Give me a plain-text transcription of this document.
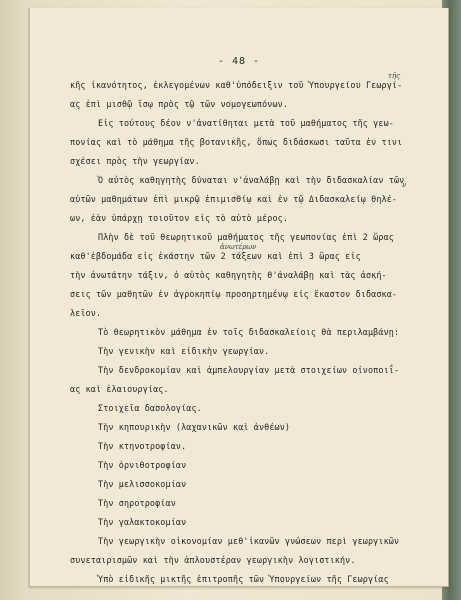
- 48 -
κῆς ἱκανότητος, ἐκλεγομένων καθ'ὑπόδειξιν τοῦ Ὑπουργείου Γεωργί-
ας ἐπὶ μισθῷ ἴσῳ πρὸς τῷ τῶν νομογεωπόνων.
Εἰς τούτους δέον ν'ἀνατίθηται μετὰ τοῦ μαθήματος τῆς γεω-
πονίας καὶ τὸ μάθημα τῆς βοτανικῆς, ὅπως διδάσκωσι ταῦτα ἐν τινι
σχέσει πρὸς τὴν γεωργίαν.
Ὁ αὐτὸς καθηγητὴς δύναται ν'ἀναλάβῃ καὶ τὴν διδασκαλίαν τῶν
αὐτῶν μαθημάτων ἐπὶ μικρῷ ἐπιμισθίῳ καὶ ἐν τῷ Διδασκαλείῳ θηλέ-
ων, ἐὰν ὑπάρχῃ τοιοῦτον εἰς τὸ αὐτὸ μέρος.
Πλὴν δὲ τοῦ θεωρητικοῦ μαθήματος τῆς γεωπονίας ἐπὶ 2 ὥρας
καθ'ἑβδομάδα εἰς ἑκάστην τῶν 2 τάξεων καὶ ἐπὶ 3 ὥρας εἰς
τὴν ἀνωτάτην τάξιν, ὁ αὐτὸς καθηγητὴς θ'ἀναλάβῃ καὶ τὰς ἀσκή-
σεις τῶν μαθητῶν ἐν ἀγροκηπίῳ προσηρτημένῳ εἰς ἕκαστον διδασκα-
λεῖον.
Τὸ θεωρητικὸν μάθημα ἐν τοῖς διδασκαλείοις θὰ περιλαμβάνῃ:
Τὴν γενικὴν καὶ εἰδικὴν γεωργίαν.
Τὴν δενδροκομίαν καὶ ἀμπελουργίαν μετὰ στοιχείων οἰνοποιΐ-
ας καὶ ἐλαιουργίας.
Στοιχεῖα δασολογίας.
Τὴν κηπουρικὴν (λαχανικῶν καὶ ἀνθέων)
Τὴν κτηνοτροφίαν.
Τὴν ὀρνιθοτροφίαν
Τὴν μελισσοκομίαν
Τὴν σηροτροφίαν
Τὴν γαλακτοκομίαν
Τὴν γεωργικὴν οἰκονομίαν μεθ'ἱκανῶν γνώσεων περὶ γεωργικῶν
συνεταιρισμῶν καὶ τὴν ἁπλουστέραν γεωργικὴν λογιστικήν.
Ὑπὸ εἰδικῆς μικτῆς ἐπιτροπῆς τῶν Ὑπουργείων τῆς Γεωργίας
τῆς
ν
ἀνωτέρων
